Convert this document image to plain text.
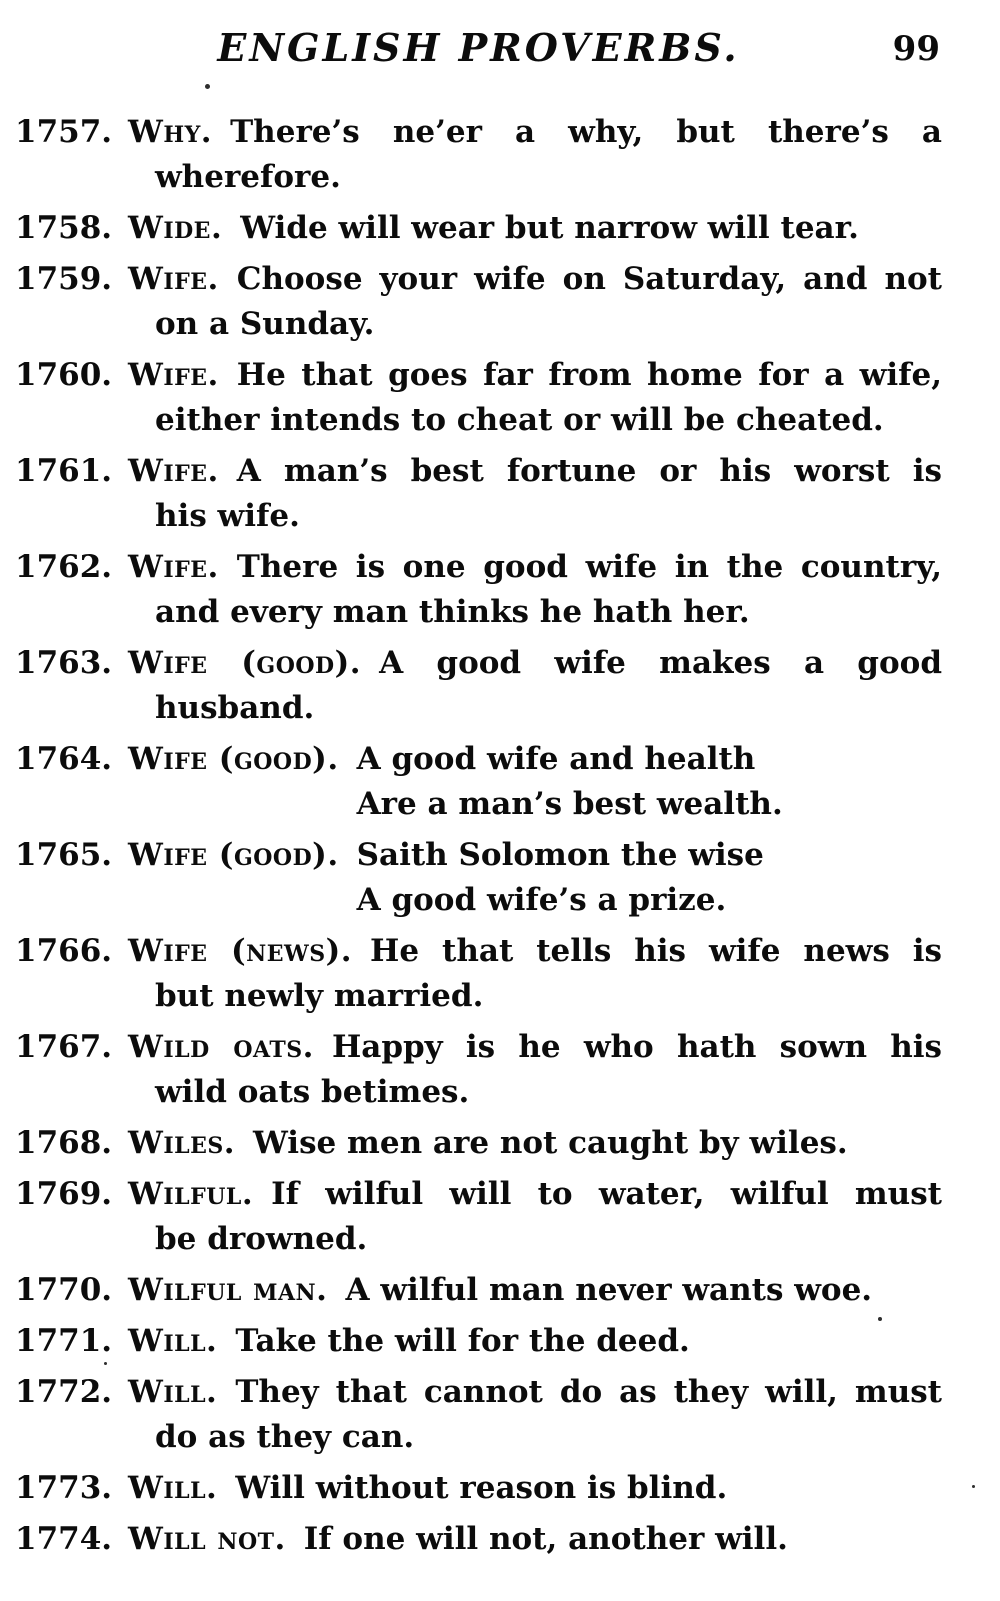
ENGLISH PROVERBS.	99
1757. Why. There’s ne’er a why, but there’s a
wherefore.
1758. Wide. Wide will wear but narrow will tear.
1759. Wife. Choose your wife on Saturday, and not
on a Sunday.
1760. Wife. He that goes far from home for a wife,
either intends to cheat or will be cheated.
1761. Wife. A man’s best fortune or his worst is
his wife.
1762. Wife. There is one good wife in the country,
and every man thinks he hath her.
1763. Wife (good). A good wife makes a good
husband.
1764. Wife (good). A good wife and health
Are a man’s best wealth.
1765. Wife (good). Saith Solomon the wise
A good wife’s a prize.
1766. Wife (news). He that tells his wife news is
but newly married.
1767. Wild oats. Happy is he who hath sown his
wild oats betimes.
1768. Wiles. Wise men are not caught by wiles.
1769. Wilful. If wilful will to water, wilful must
be drowned.
1770. Wilful man. A wilful man never wants woe.
1771. Will. Take the will for the deed.
1772. Will. They that cannot do as they will, must
do as they can.
1773. Will. Will without reason is blind.
1774. Will not. If one will not, another will.
